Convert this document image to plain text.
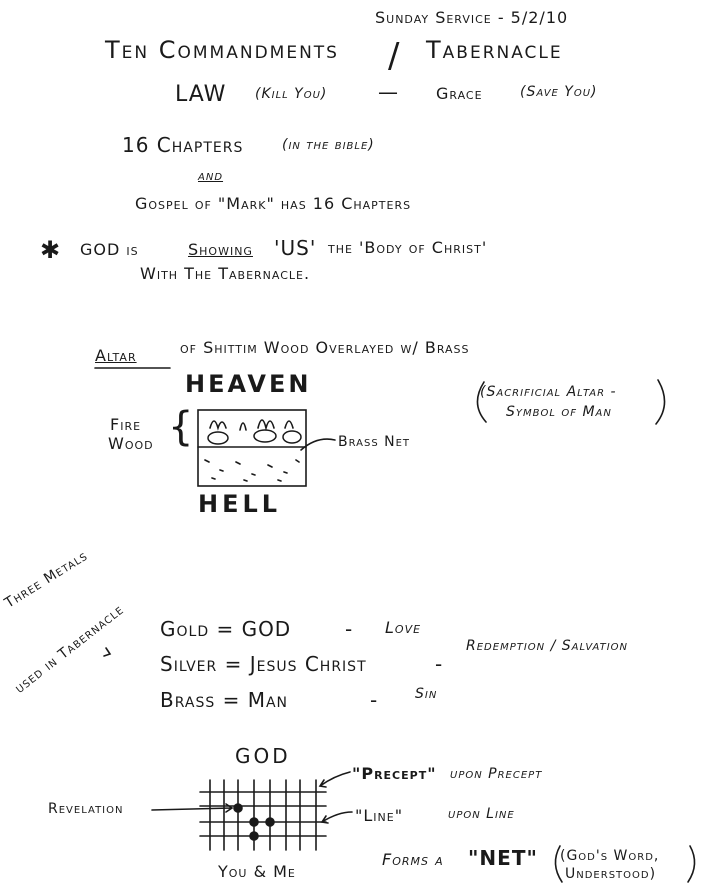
Sunday Service - 5/2/10
Ten Commandments / Tabernacle
LAW (Kill You)	— Grace	(Save You)
16 Chapters	(in the bible)
and
Gospel of "Mark" has 16 Chapters
✱ GOD is	Showing 'US' the 'Body of Christ'
With The Tabernacle.
Altar	of Shittim Wood Overlayed w/ Brass
HEAVEN
Fire
Wood {	Brass Net
(Sacrificial Altar -
Symbol of Man
HELL
Three Metals
used in Tabernacle Gold = GOD	- Love
Silver = Jesus Christ	-
Redemption / Salvation
Brass = Man	-	Sin
GOD
You & Me
Revelation
"Precept" upon Precept
"Line"	upon Line
Forms a "NET" (God's Word,
Understood)
